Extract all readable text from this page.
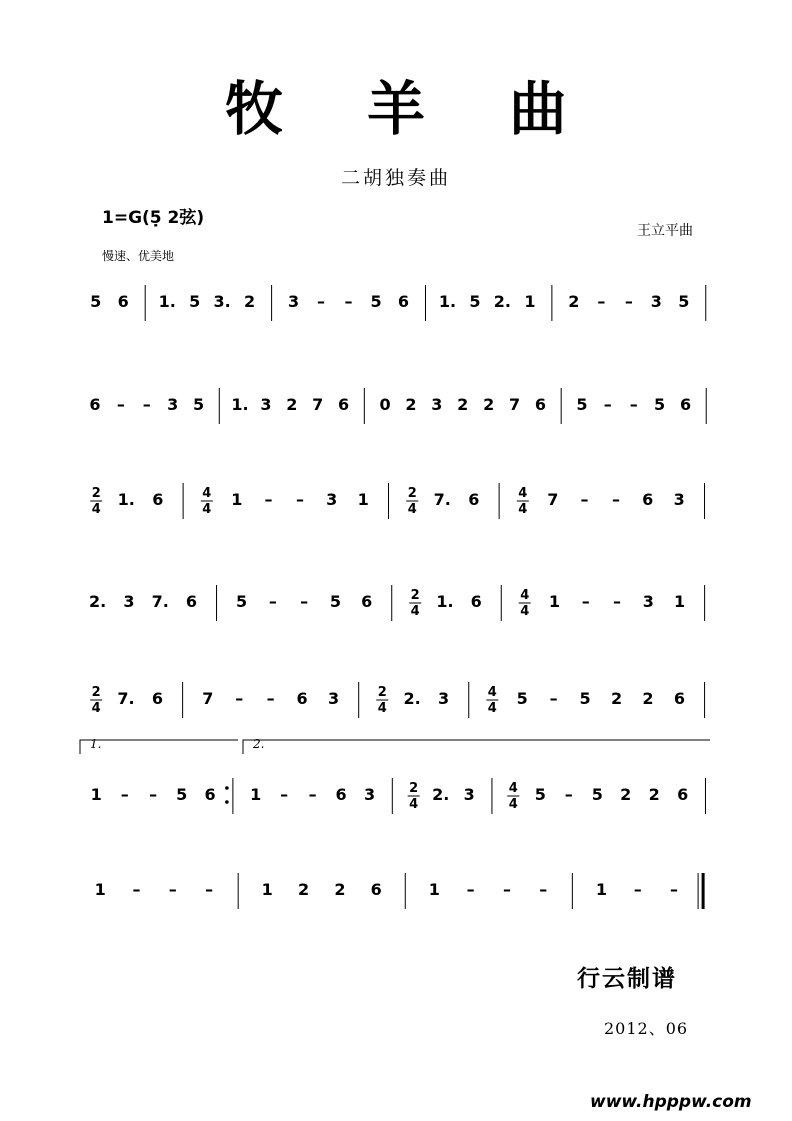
牧 羊 曲
二胡独奏曲
1=G(5̣ 2弦)
王立平曲
慢速、优美地
5 6 1. 5 3. 2 3 – – 5 6 1. 5 2. 1 2 – – 3 5
6 – – 3 5 1. 3 2 7 6 0 2 3 2 2 7 6 5 – – 5 6
2
4
1. 6	4
4
1 – – 3 1	2
4
7. 6	4
4
7 – – 6 3
2. 3 7. 6 5 – – 5 6	2
4
1. 6	4
4
1 – – 3 1
2
4
7. 6 7 – – 6 3	2
4
2. 3	4
4
5 – 5 2 2 6
1.	2.
1 – – 5 6 1 – – 6 3	2
4
2. 3	4
4
5 – 5 2 2 6
1 – – –	1 2 2 6	1 – – –	1 – –
行云制谱
2012、06
www.hpppw.com
